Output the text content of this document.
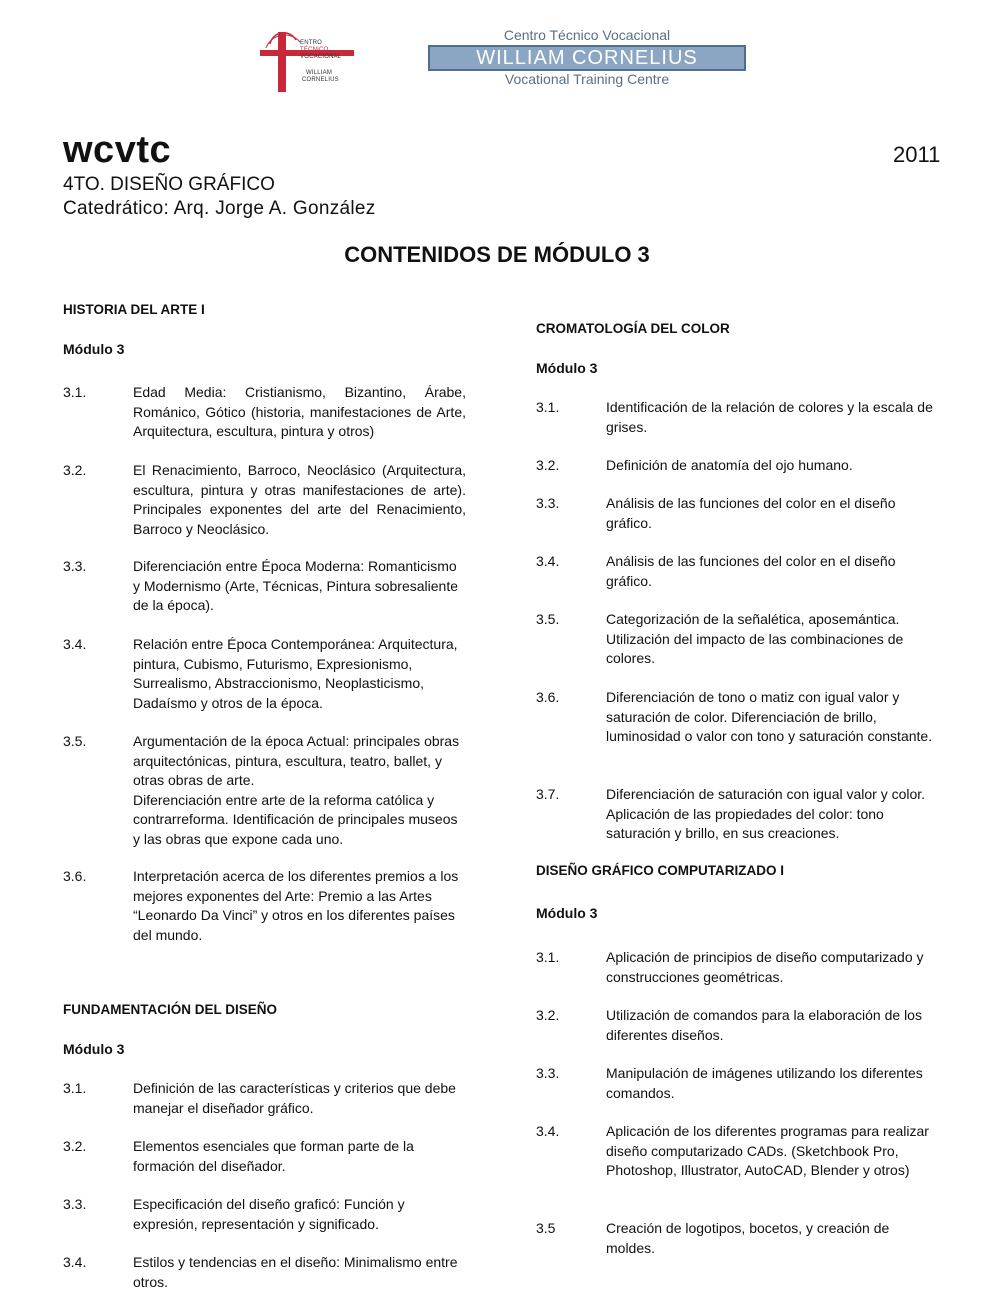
ENTRO
TÉCNICO
VOCACIONAL
WILLIAM
CORNELIUS
Centro Técnico Vocacional
WILLIAM CORNELIUS
Vocational Training Centre
wcvtc	2011
4TO. DISEÑO GRÁFICO
Catedrático: Arq. Jorge A. González
CONTENIDOS DE MÓDULO 3
HISTORIA DEL ARTE I
Módulo 3
3.1.	Edad Media: Cristianismo, Bizantino, Árabe, Románico, Gótico (historia, manifestaciones de Arte, Arquitectura, escultura, pintura y otros)
3.2.	El Renacimiento, Barroco, Neoclásico (Arquitectura, escultura, pintura y otras manifestaciones de arte). Principales exponentes del arte del Renacimiento, Barroco y Neoclásico.
3.3.	Diferenciación entre Época Moderna: Romanticismo y Modernismo (Arte, Técnicas, Pintura sobresaliente de la época).
3.4.	Relación entre Época Contemporánea: Arquitectura, pintura, Cubismo, Futurismo, Expresionismo, Surrealismo, Abstraccionismo, Neoplasticismo, Dadaísmo y otros de la época.
3.5.	Argumentación de la época Actual: principales obras arquitectónicas, pintura, escultura, teatro, ballet, y otras obras de arte.

Diferenciación entre arte de la reforma católica y contrarreforma. Identificación de principales museos y las obras que expone cada uno.

3.6.	Interpretación acerca de los diferentes premios a los mejores exponentes del Arte: Premio a las Artes “Leonardo Da Vinci” y otros en los diferentes países del mundo.
FUNDAMENTACIÓN DEL DISEÑO
Módulo 3
3.1.	Definición de las características y criterios que debe manejar el diseñador gráfico.
3.2.	Elementos esenciales que forman parte de la formación del diseñador.
3.3.	Especificación del diseño graficó: Función y expresión, representación y significado.
3.4.	Estilos y tendencias en el diseño: Minimalismo entre otros.
CROMATOLOGÍA DEL COLOR
Módulo 3
3.1.	Identificación de la relación de colores y la escala de grises.
3.2.	Definición de anatomía del ojo humano.
3.3.	Análisis de las funciones del color en el diseño gráfico.
3.4.	Análisis de las funciones del color en el diseño gráfico.
3.5.	Categorización de la señalética, aposemántica. Utilización del impacto de las combinaciones de colores.
3.6.	Diferenciación de tono o matiz con igual valor y saturación de color. Diferenciación de brillo, luminosidad o valor con tono y saturación constante.
3.7.	Diferenciación de saturación con igual valor y color. Aplicación de las propiedades del color: tono saturación y brillo, en sus creaciones.
DISEÑO GRÁFICO COMPUTARIZADO I
Módulo 3
3.1.	Aplicación de principios de diseño computarizado y construcciones geométricas.
3.2.	Utilización de comandos para la elaboración de los diferentes diseños.
3.3.	Manipulación de imágenes utilizando los diferentes comandos.
3.4.	Aplicación de los diferentes programas para realizar diseño computarizado CADs. (Sketchbook Pro, Photoshop, Illustrator, AutoCAD, Blender y otros)
3.5	Creación de logotipos, bocetos, y creación de moldes.
